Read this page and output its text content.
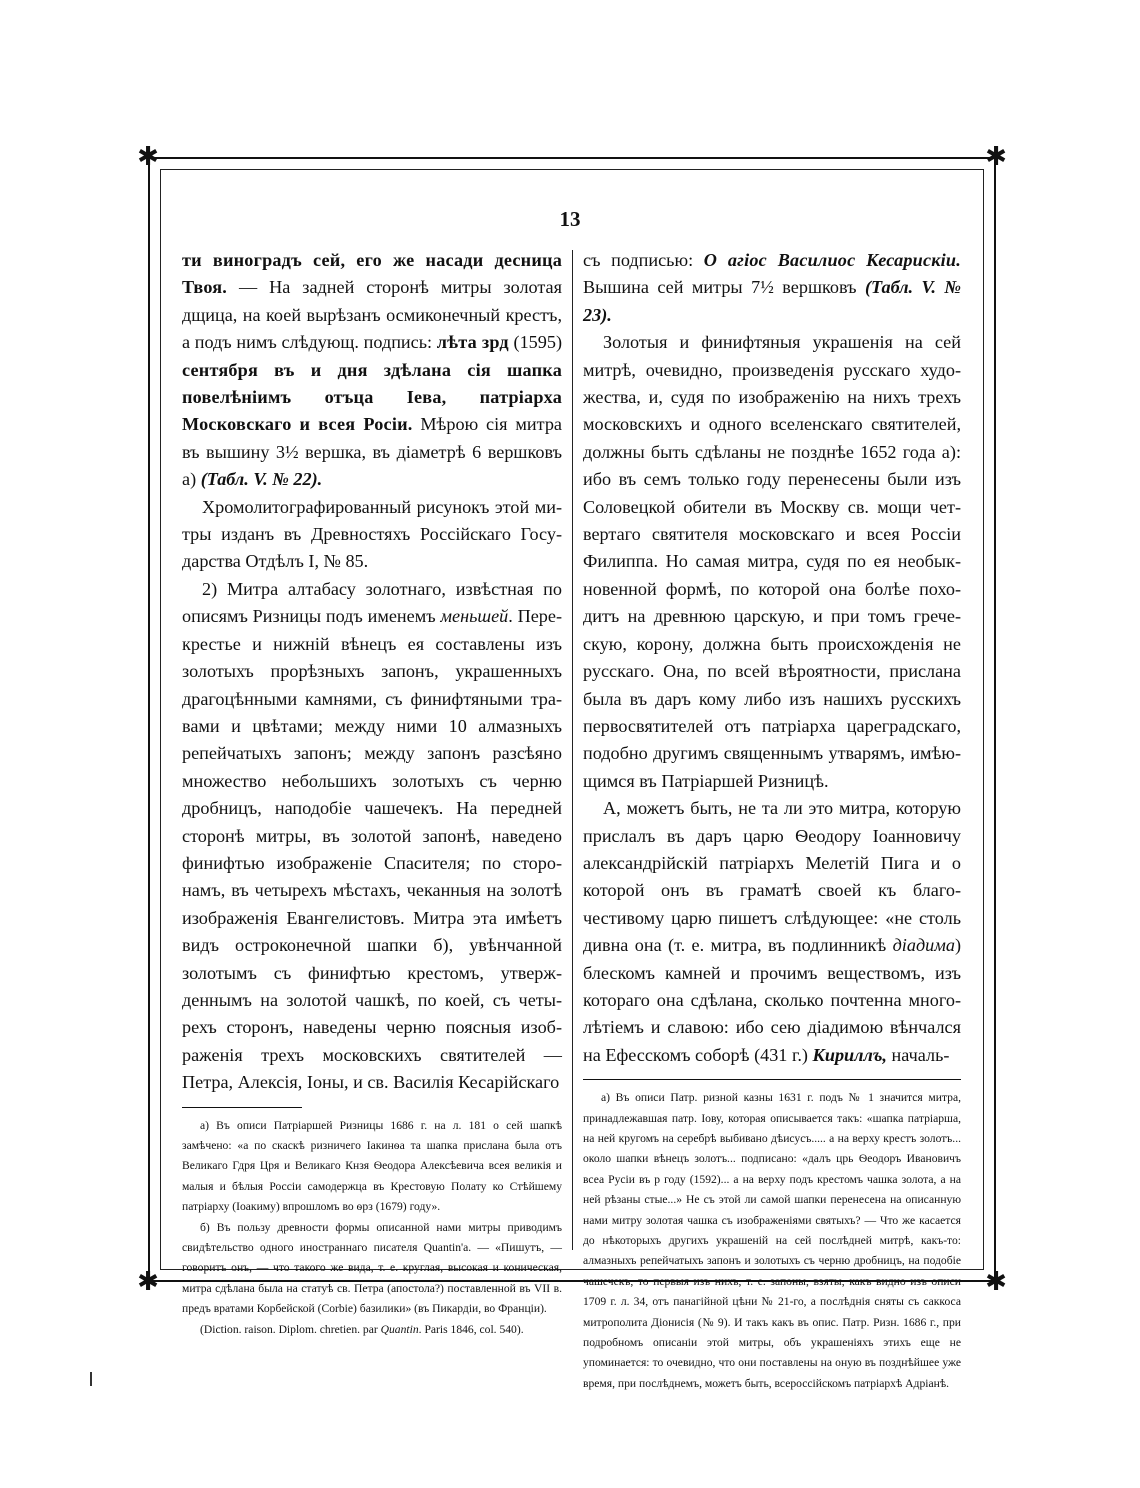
✱	✱
✱	✱
13

ти виноградъ сей, его же насади десница Твоя. — На задней сторонѣ митры золотая дщица, на коей вырѣзанъ осмиконечный крестъ, а подъ нимъ слѣдующ. подпись: лѣта зрд (1595) сентября въ и дня здѣлана сія шапка повелѣніимъ отъца Іева, патріарха Московскаго и всея Росіи. Мѣрою сія митра въ вышину 3½ вершка, въ діаметрѣ 6 вершковъ а) (Табл. V. № 22).

Хромолитографированный рисунокъ этой митры изданъ въ Древностяхъ Россійскаго Государства Отдѣлъ I, № 85.

2) Митра алтабасу золотнаго, извѣстная по описямъ Ризницы подъ именемъ меньшей. Перекрестье и нижній вѣнецъ ея составлены изъ золотыхъ прорѣзныхъ запонъ, украшенныхъ драгоцѣнными камнями, съ финифтяными травами и цвѣтами; между ними 10 алмазныхъ репейчатыхъ запонъ; между запонъ разсѣяно множество небольшихъ золотыхъ съ черню дробницъ, наподобіе чашечекъ. На передней сторонѣ митры, въ золотой запонѣ, наведено финифтью изображеніе Спасителя; по сторонамъ, въ четырехъ мѣстахъ, чеканныя на золотѣ изображенія Евангелистовъ. Митра эта имѣетъ видъ остроконечной шапки б), увѣнчанной золотымъ съ финифтью крестомъ, утвержденнымъ на золотой чашкѣ, по коей, съ четырехъ сторонъ, наведены черню поясныя изображенія трехъ московскихъ святителей — Петра, Алексія, Іоны, и св. Василія Кесарійскаго

а) Въ описи Патріаршей Ризницы 1686 г. на л. 181 о сей шапкѣ замѣчено: «а по скаскѣ ризничего Іакинѳа та шапка прислана была отъ Великаго Гдря Цря и Великаго Кнзя Ѳеодора Алексѣевича всея великія и малыя и бѣлыя Россіи самодержца въ Крестовую Полату ко Стѣйшему патріарху (Іоакиму) впрошломъ во ѳрз (1679) году».

б) Въ пользу древности формы описанной нами митры приводимъ свидѣтельство одного иностраннаго писателя Quantin'a. — «Пишутъ, — говоритъ онъ, — что такого же вида, т. е. круглая, высокая и коническая, митра сдѣлана была на статуѣ св. Петра (апостола?) поставленной въ VII в. предъ вратами Корбейской (Corbie) базилики» (въ Пикардіи, во Франціи).

(Diction. raison. Diplom. chretien. par Quantin. Paris 1846, col. 540).

съ подписью: О агіос Василиос Кесарискіи. Вышина сей митры 7½ вершковъ (Табл. V. № 23).

Золотыя и финифтяныя украшенія на сей митрѣ, очевидно, произведенія русскаго художества, и, судя по изображенію на нихъ трехъ московскихъ и одного вселенскаго святителей, должны быть сдѣланы не позднѣе 1652 года а): ибо въ семъ только году перенесены были изъ Соловецкой обители въ Москву св. мощи четвертаго святителя московскаго и всея Россіи Филиппа. Но самая митра, судя по ея необыкновенной формѣ, по которой она болѣе походитъ на древнюю царскую, и при томъ греческую, корону, должна быть происхожденія не русскаго. Она, по всей вѣроятности, прислана была въ даръ кому либо изъ нашихъ русскихъ первосвятителей отъ патріарха цареградскаго, подобно другимъ священнымъ утварямъ, имѣющимся въ Патріаршей Ризницѣ.

А, можетъ быть, не та ли это митра, которую прислалъ въ даръ царю Ѳеодору Іоанновичу александрійскій патріархъ Мелетій Пига и о которой онъ въ граматѣ своей къ благочестивому царю пишетъ слѣдующее: «не столь дивна она (т. е. митра, въ подлинникѣ діадима) блескомъ камней и прочимъ веществомъ, изъ котораго она сдѣлана, сколько почтенна многолѣтіемъ и славою: ибо сею діадимою вѣнчался на Ефесскомъ соборѣ (431 г.) Кириллъ, началь-

а) Въ описи Патр. ризной казны 1631 г. подъ № 1 значится митра, принадлежавшая патр. Іову, которая описывается такъ: «шапка патріарша, на ней кругомъ на серебрѣ выбивано дѣисусъ..... а на верху крестъ золотъ... около шапки вѣнецъ золотъ... подписано: «далъ црь Ѳеодоръ Ивановичъ всеа Русіи въ р году (1592)... а на верху подъ крестомъ чашка золота, а на ней рѣзаны стые...» Не съ этой ли самой шапки перенесена на описанную нами митру золотая чашка съ изображеніями святыхъ? — Что же касается до нѣкоторыхъ другихъ украшеній на сей послѣдней митрѣ, какъ-то: алмазныхъ репейчатыхъ запонъ и золотыхъ съ черню дробницъ, на подобіе чашечекъ, то первыя изъ нихъ, т. е. запоны, взяты, какъ видно изъ описи 1709 г. л. 34, отъ панагійной цѣни № 21-го, а послѣднія сняты съ саккоса митрополита Діонисія (№ 9). И такъ какъ въ опис. Патр. Ризн. 1686 г., при подробномъ описаніи этой митры, объ украшеніяхъ этихъ еще не упоминается: то очевидно, что они поставлены на оную въ позднѣйшее уже время, при послѣднемъ, можетъ быть, всероссійскомъ патріархѣ Адріанѣ.
